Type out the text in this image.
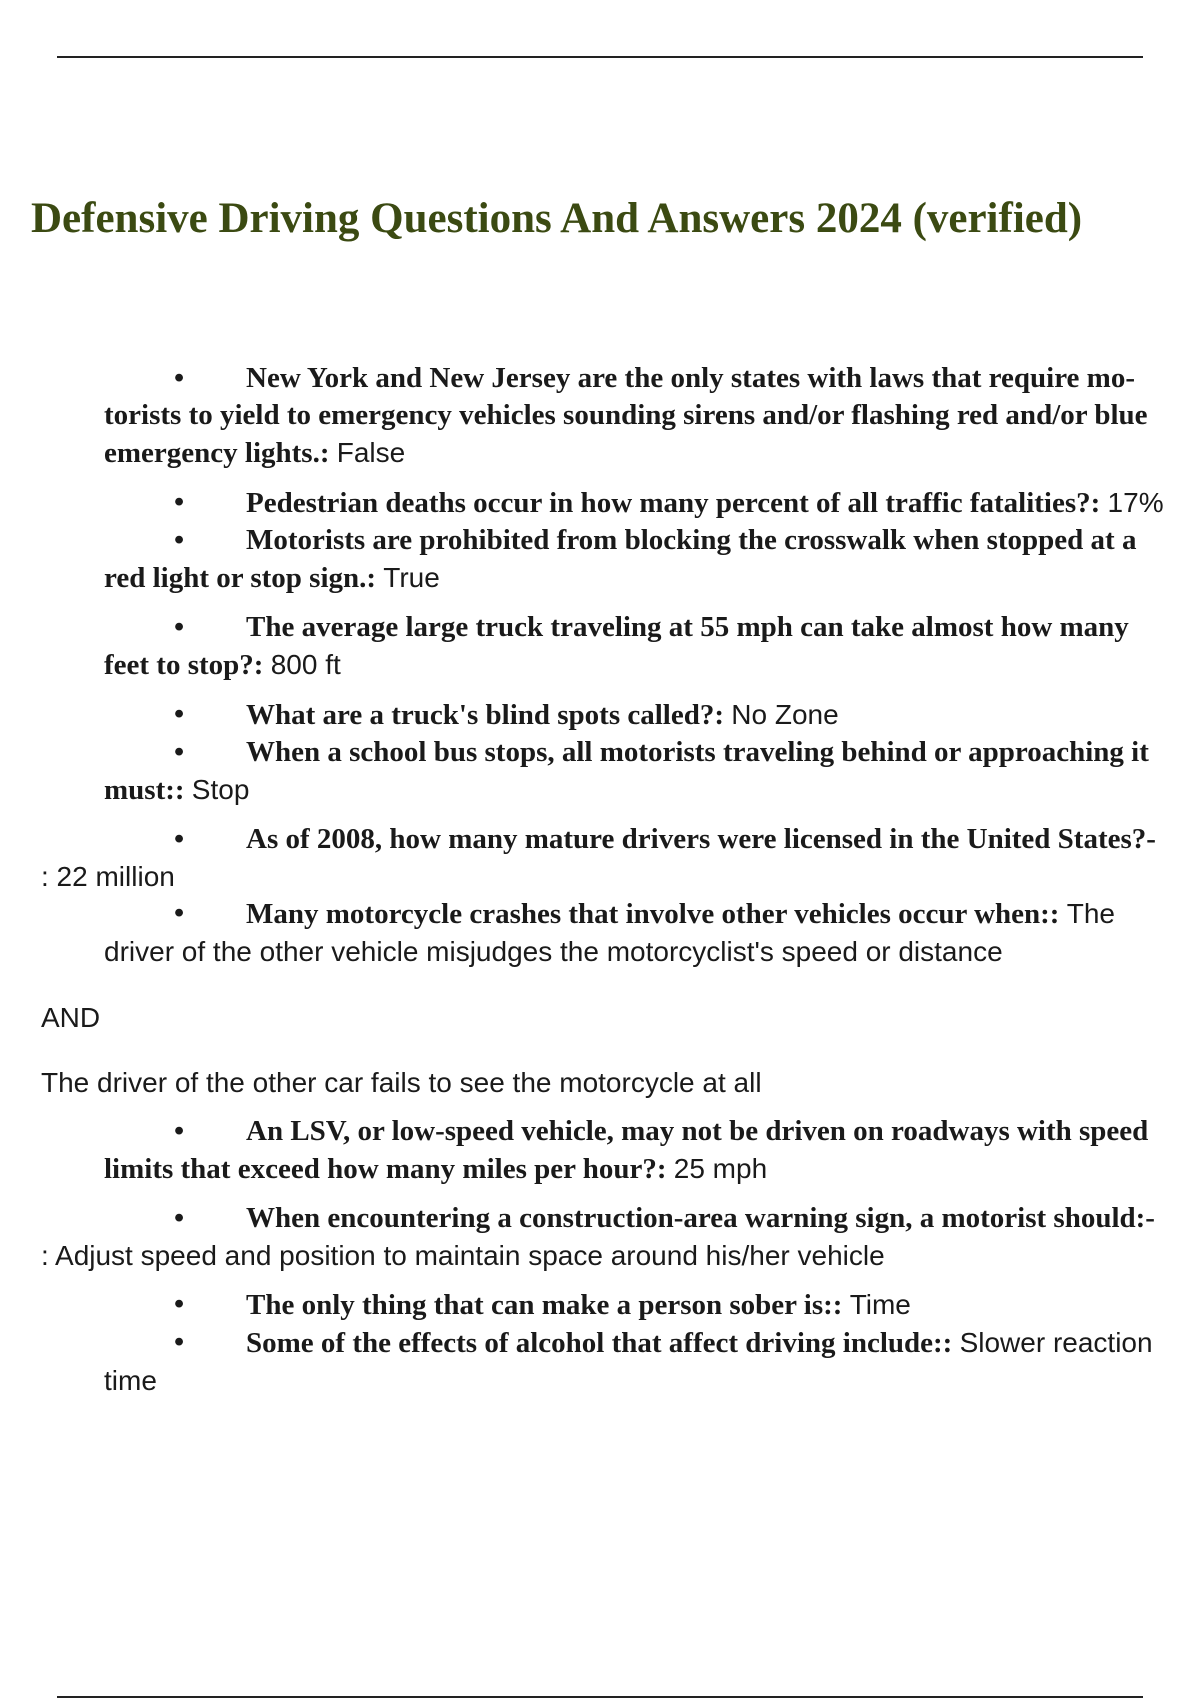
Defensive Driving Questions And Answers 2024 (verified)
• New York and New Jersey are the only states with laws that require mo- torists to yield to emergency vehicles sounding sirens and/or flashing red and/or blue emergency lights.: False
• Pedestrian deaths occur in how many percent of all traffic fatalities?: 17%
• Motorists are prohibited from blocking the crosswalk when stopped at a red light or stop sign.: True
• The average large truck traveling at 55 mph can take almost how many feet to stop?: 800 ft
• What are a truck's blind spots called?: No Zone
• When a school bus stops, all motorists traveling behind or approaching it must:: Stop
• As of 2008, how many mature drivers were licensed in the United States?-
: 22 million
• Many motorcycle crashes that involve other vehicles occur when:: The driver of the other vehicle misjudges the motorcyclist's speed or distance
AND
The driver of the other car fails to see the motorcycle at all
• An LSV, or low-speed vehicle, may not be driven on roadways with speed limits that exceed how many miles per hour?: 25 mph
• When encountering a construction-area warning sign, a motorist should:-
: Adjust speed and position to maintain space around his/her vehicle
• The only thing that can make a person sober is:: Time
• Some of the effects of alcohol that affect driving include:: Slower reaction time
